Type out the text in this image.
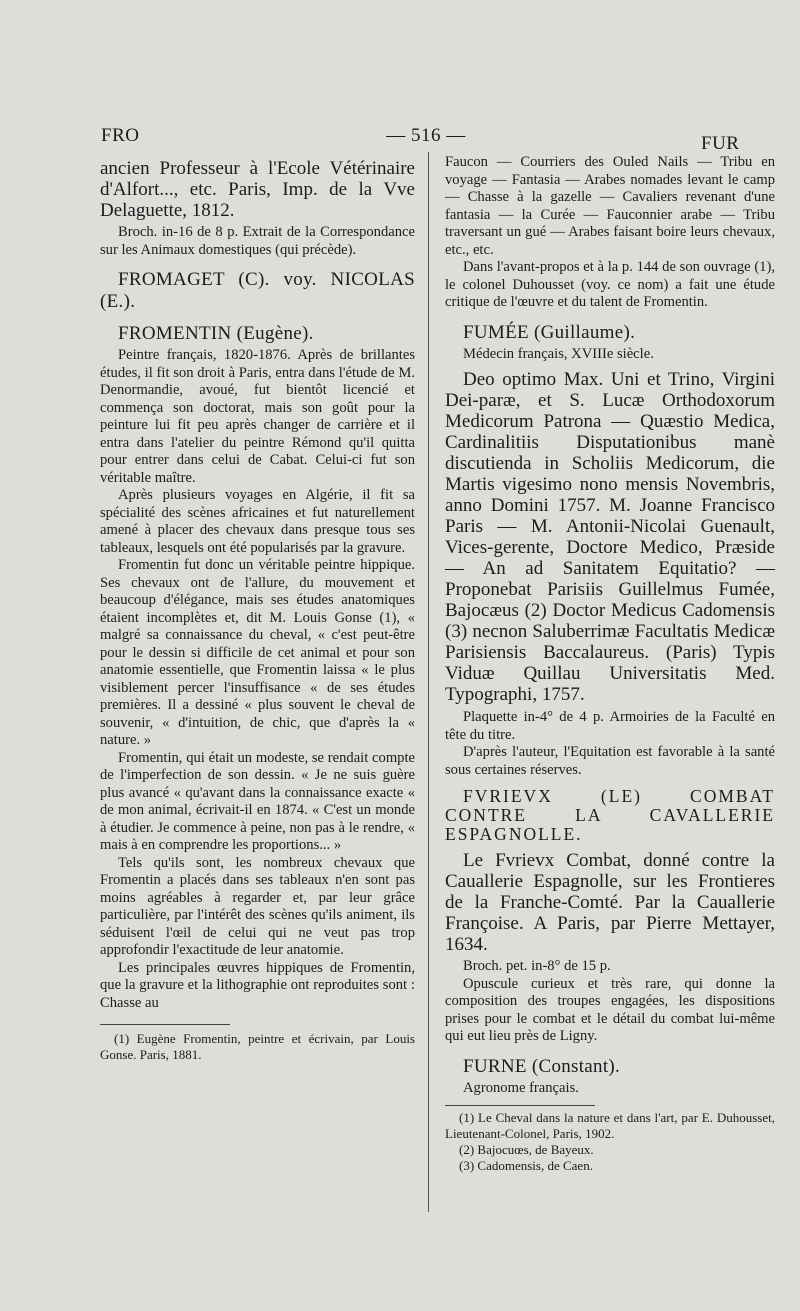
FRO	— 516 —	FUR

ancien Professeur à l'Ecole Vétérinaire d'Alfort..., etc. Paris, Imp. de la Vve Delaguette, 1812.

Broch. in-16 de 8 p. Extrait de la Correspondance sur les Animaux domestiques (qui précède).

FROMAGET (C). voy. NICOLAS (E.).

FROMENTIN (Eugène).

Peintre français, 1820-1876. Après de brillantes études, il fit son droit à Paris, entra dans l'étude de M. Denormandie, avoué, fut bientôt licencié et commença son doctorat, mais son goût pour la peinture lui fit peu après changer de carrière et il entra dans l'atelier du peintre Rémond qu'il quitta pour entrer dans celui de Cabat. Celui-ci fut son véritable maître.

Après plusieurs voyages en Algérie, il fit sa spécialité des scènes africaines et fut naturellement amené à placer des chevaux dans presque tous ses tableaux, lesquels ont été popularisés par la gravure.

Fromentin fut donc un véritable peintre hippique. Ses chevaux ont de l'allure, du mouvement et beaucoup d'élégance, mais ses études anatomiques étaient incomplètes et, dit M. Louis Gonse (1), « malgré sa connaissance du cheval, « c'est peut-être pour le dessin si difficile de cet animal et pour son anatomie essentielle, que Fromentin laissa « le plus visiblement percer l'insuffisance « de ses études premières. Il a dessiné « plus souvent le cheval de souvenir, « d'intuition, de chic, que d'après la « nature. »

Fromentin, qui était un modeste, se rendait compte de l'imperfection de son dessin. « Je ne suis guère plus avancé « qu'avant dans la connaissance exacte « de mon animal, écrivait-il en 1874. « C'est un monde à étudier. Je commence à peine, non pas à le rendre, « mais à en comprendre les proportions... »

Tels qu'ils sont, les nombreux chevaux que Fromentin a placés dans ses tableaux n'en sont pas moins agréables à regarder et, par leur grâce particulière, par l'intérêt des scènes qu'ils animent, ils séduisent l'œil de celui qui ne veut pas trop approfondir l'exactitude de leur anatomie.

Les principales œuvres hippiques de Fromentin, que la gravure et la lithographie ont reproduites sont : Chasse au

(1) Eugène Fromentin, peintre et écrivain, par Louis Gonse. Paris, 1881.

Faucon — Courriers des Ouled Nails — Tribu en voyage — Fantasia — Arabes nomades levant le camp — Chasse à la gazelle — Cavaliers revenant d'une fantasia — la Curée — Fauconnier arabe — Tribu traversant un gué — Arabes faisant boire leurs chevaux, etc., etc.

Dans l'avant-propos et à la p. 144 de son ouvrage (1), le colonel Duhousset (voy. ce nom) a fait une étude critique de l'œuvre et du talent de Fromentin.

FUMÉE (Guillaume).

Médecin français, XVIIIe siècle.

Deo optimo Max. Uni et Trino, Virgini Dei-paræ, et S. Lucæ Orthodoxorum Medicorum Patrona — Quæstio Medica, Cardinalitiis Disputationibus manè discutienda in Scholiis Medicorum, die Martis vigesimo nono mensis Novembris, anno Domini 1757. M. Joanne Francisco Paris — M. Antonii-Nicolai Guenault, Vices-gerente, Doctore Medico, Præside — An ad Sanitatem Equitatio? — Proponebat Parisiis Guillelmus Fumée, Bajocæus (2) Doctor Medicus Cadomensis (3) necnon Saluberrimæ Facultatis Medicæ Parisiensis Baccalaureus. (Paris) Typis Viduæ Quillau Universitatis Med. Typographi, 1757.

Plaquette in-4° de 4 p. Armoiries de la Faculté en tête du titre.

D'après l'auteur, l'Equitation est favorable à la santé sous certaines réserves.

FVRIEVX (LE) COMBAT CONTRE LA CAVALLERIE ESPAGNOLLE.

Le Fvrievx Combat, donné contre la Cauallerie Espagnolle, sur les Frontieres de la Franche-Comté. Par la Cauallerie Françoise. A Paris, par Pierre Mettayer, 1634.

Broch. pet. in-8° de 15 p.

Opuscule curieux et très rare, qui donne la composition des troupes engagées, les dispositions prises pour le combat et le détail du combat lui-même qui eut lieu près de Ligny.

FURNE (Constant).

Agronome français.

(1) Le Cheval dans la nature et dans l'art, par E. Duhousset, Lieutenant-Colonel, Paris, 1902.

(2) Bajocuœs, de Bayeux.

(3) Cadomensis, de Caen.
